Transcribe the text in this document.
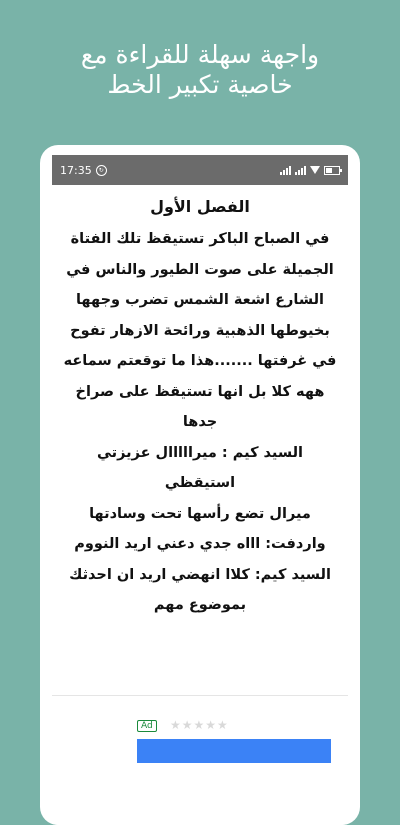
واجهة سهلة للقراءة مع
خاصية تكبير الخط
17:35	↻
الفصل الأول
في الصباح الباكر تستيقظ تلك الفتاة
الجميلة على صوت الطيور والناس في
الشارع اشعة الشمس تضرب وجهها
بخيوطها الذهبية ورائحة الازهار تفوح
في غرفتها .......هذا ما توقعتم سماعه
ههه كلا بل انها تستيقظ على صراخ
جدها
السيد كيم : ميرااااال عزيزتي
استيقظي
ميرال تضع رأسها تحت وسادتها
واردفت: اااه جدي دعني اريد النووم
السيد كيم: كلاا انهضي اريد ان احدثك
بموضوع مهم
Ad	★★★★★
